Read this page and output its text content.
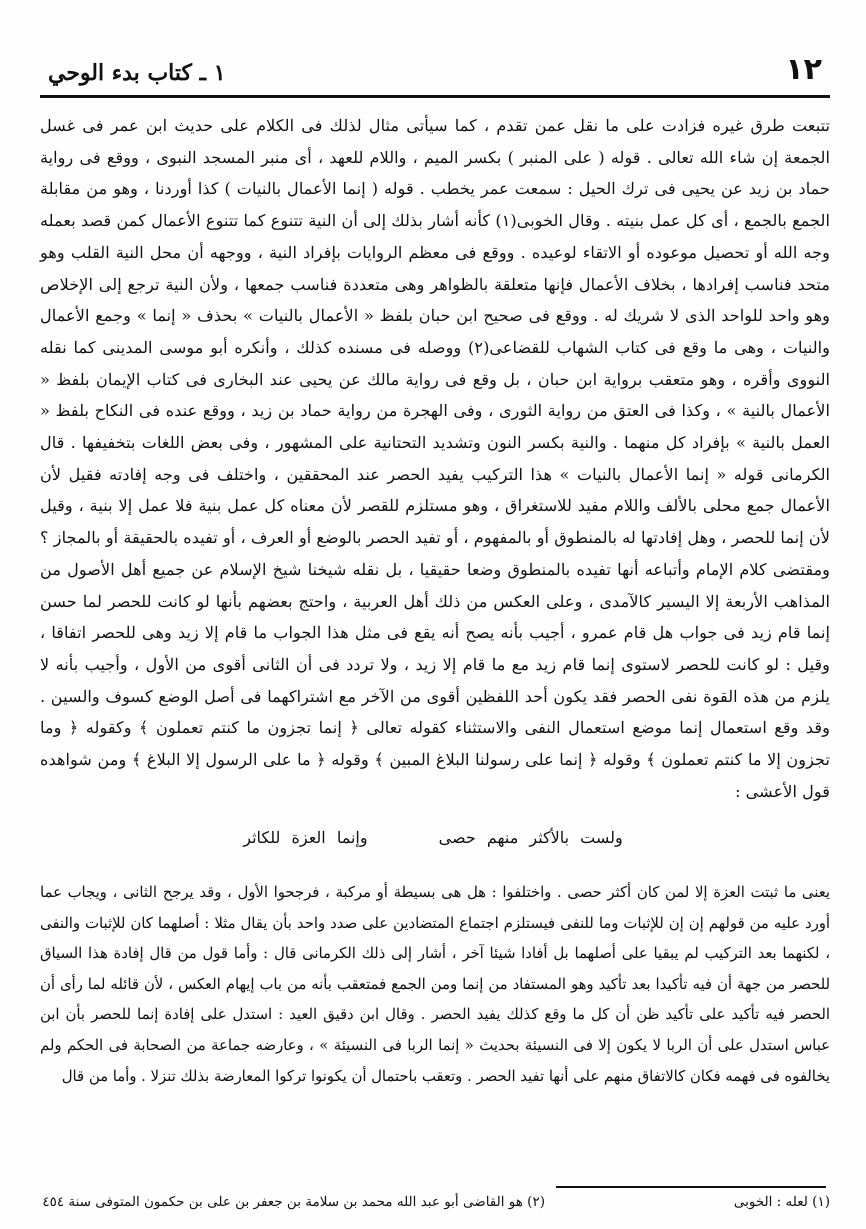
١٢
١ ـ كتاب بدء الوحي

تتبعت طرق غيره فزادت على ما نقل عمن تقدم ، كما سيأتى مثال لذلك فى الكلام على حديث ابن عمر فى غسل الجمعة إن شاء الله تعالى . قوله ( على المنبر ) بكسر الميم ، واللام للعهد ، أى منبر المسجد النبوى ، ووقع فى رواية حماد بن زيد عن يحيى فى ترك الحيل : سمعت عمر يخطب . قوله ( إنما الأعمال بالنيات ) كذا أوردنا ، وهو من مقابلة الجمع بالجمع ، أى كل عمل بنيته . وقال الخوبى(١) كأنه أشار بذلك إلى أن النية تتنوع كما تتنوع الأعمال كمن قصد بعمله وجه الله أو تحصيل موعوده أو الاتقاء لوعيده . ووقع فى معظم الروايات بإفراد النية ، ووجهه أن محل النية القلب وهو متحد فناسب إفرادها ، بخلاف الأعمال فإنها متعلقة بالظواهر وهى متعددة فناسب جمعها ، ولأن النية ترجع إلى الإخلاص وهو واحد للواحد الذى لا شريك له . ووقع فى صحيح ابن حبان بلفظ « الأعمال بالنيات » بحذف « إنما » وجمع الأعمال والنيات ، وهى ما وقع فى كتاب الشهاب للقضاعى(٢) ووصله فى مسنده كذلك ، وأنكره أبو موسى المدينى كما نقله النووى وأقره ، وهو متعقب برواية ابن حبان ، بل وقع فى رواية مالك عن يحيى عند البخارى فى كتاب الإيمان بلفظ « الأعمال بالنية » ، وكذا فى العتق من رواية الثورى ، وفى الهجرة من رواية حماد بن زيد ، ووقع عنده فى النكاح بلفظ « العمل بالنية » بإفراد كل منهما . والنية بكسر النون وتشديد التحتانية على المشهور ، وفى بعض اللغات بتخفيفها . قال الكرمانى قوله « إنما الأعمال بالنيات » هذا التركيب يفيد الحصر عند المحققين ، واختلف فى وجه إفادته فقيل لأن الأعمال جمع محلى بالألف واللام مفيد للاستغراق ، وهو مستلزم للقصر لأن معناه كل عمل بنية فلا عمل إلا بنية ، وقيل لأن إنما للحصر ، وهل إفادتها له بالمنطوق أو بالمفهوم ، أو تفيد الحصر بالوضع أو العرف ، أو تفيده بالحقيقة أو بالمجاز ؟ ومقتضى كلام الإمام وأتباعه أنها تفيده بالمنطوق وضعا حقيقيا ، بل نقله شيخنا شيخ الإسلام عن جميع أهل الأصول من المذاهب الأربعة إلا اليسير كالآمدى ، وعلى العكس من ذلك أهل العربية ، واحتج بعضهم بأنها لو كانت للحصر لما حسن إنما قام زيد فى جواب هل قام عمرو ، أجيب بأنه يصح أنه يقع فى مثل هذا الجواب ما قام إلا زيد وهى للحصر اتفاقا ، وقيل : لو كانت للحصر لاستوى إنما قام زيد مع ما قام إلا زيد ، ولا تردد فى أن الثانى أقوى من الأول ، وأجيب بأنه لا يلزم من هذه القوة نفى الحصر فقد يكون أحد اللفظين أقوى من الآخر مع اشتراكهما فى أصل الوضع كسوف والسين . وقد وقع استعمال إنما موضع استعمال النفى والاستثناء كقوله تعالى ﴿ إنما تجزون ما كنتم تعملون ﴾ وكقوله ﴿ وما تجزون إلا ما كنتم تعملون ﴾ وقوله ﴿ إنما على رسولنا البلاغ المبين ﴾ وقوله ﴿ ما على الرسول إلا البلاغ ﴾ ومن شواهده قول الأعشى :

ولست بالأكثر منهم حصى وإنما العزة للكاثر

يعنى ما ثبتت العزة إلا لمن كان أكثر حصى . واختلفوا : هل هى بسيطة أو مركبة ، فرجحوا الأول ، وقد يرجح الثانى ، ويجاب عما أورد عليه من قولهم إن إن للإثبات وما للنفى فيستلزم اجتماع المتضادين على صدد واحد بأن يقال مثلا : أصلهما كان للإثبات والنفى ، لكنهما بعد التركيب لم يبقيا على أصلهما بل أفادا شيئا آخر ، أشار إلى ذلك الكرمانى قال : وأما قول من قال إفادة هذا السياق للحصر من جهة أن فيه تأكيدا بعد تأكيد وهو المستفاد من إنما ومن الجمع فمتعقب بأنه من باب إيهام العكس ، لأن قائله لما رأى أن الحصر فيه تأكيد على تأكيد ظن أن كل ما وقع كذلك يفيد الحصر . وقال ابن دقيق العيد : استدل على إفادة إنما للحصر بأن ابن عباس استدل على أن الربا لا يكون إلا فى النسيئة بحديث « إنما الربا فى النسيئة » ، وعارضه جماعة من الصحابة فى الحكم ولم يخالفوه فى فهمه فكان كالاتفاق منهم على أنها تفيد الحصر . وتعقب باحتمال أن يكونوا تركوا المعارضة بذلك تنزلا . وأما من قال

(١) لعله : الخوبى
(٢) هو القاضى أبو عبد الله محمد بن سلامة بن جعفر بن على بن حكمون المتوفى سنة ٤٥٤
